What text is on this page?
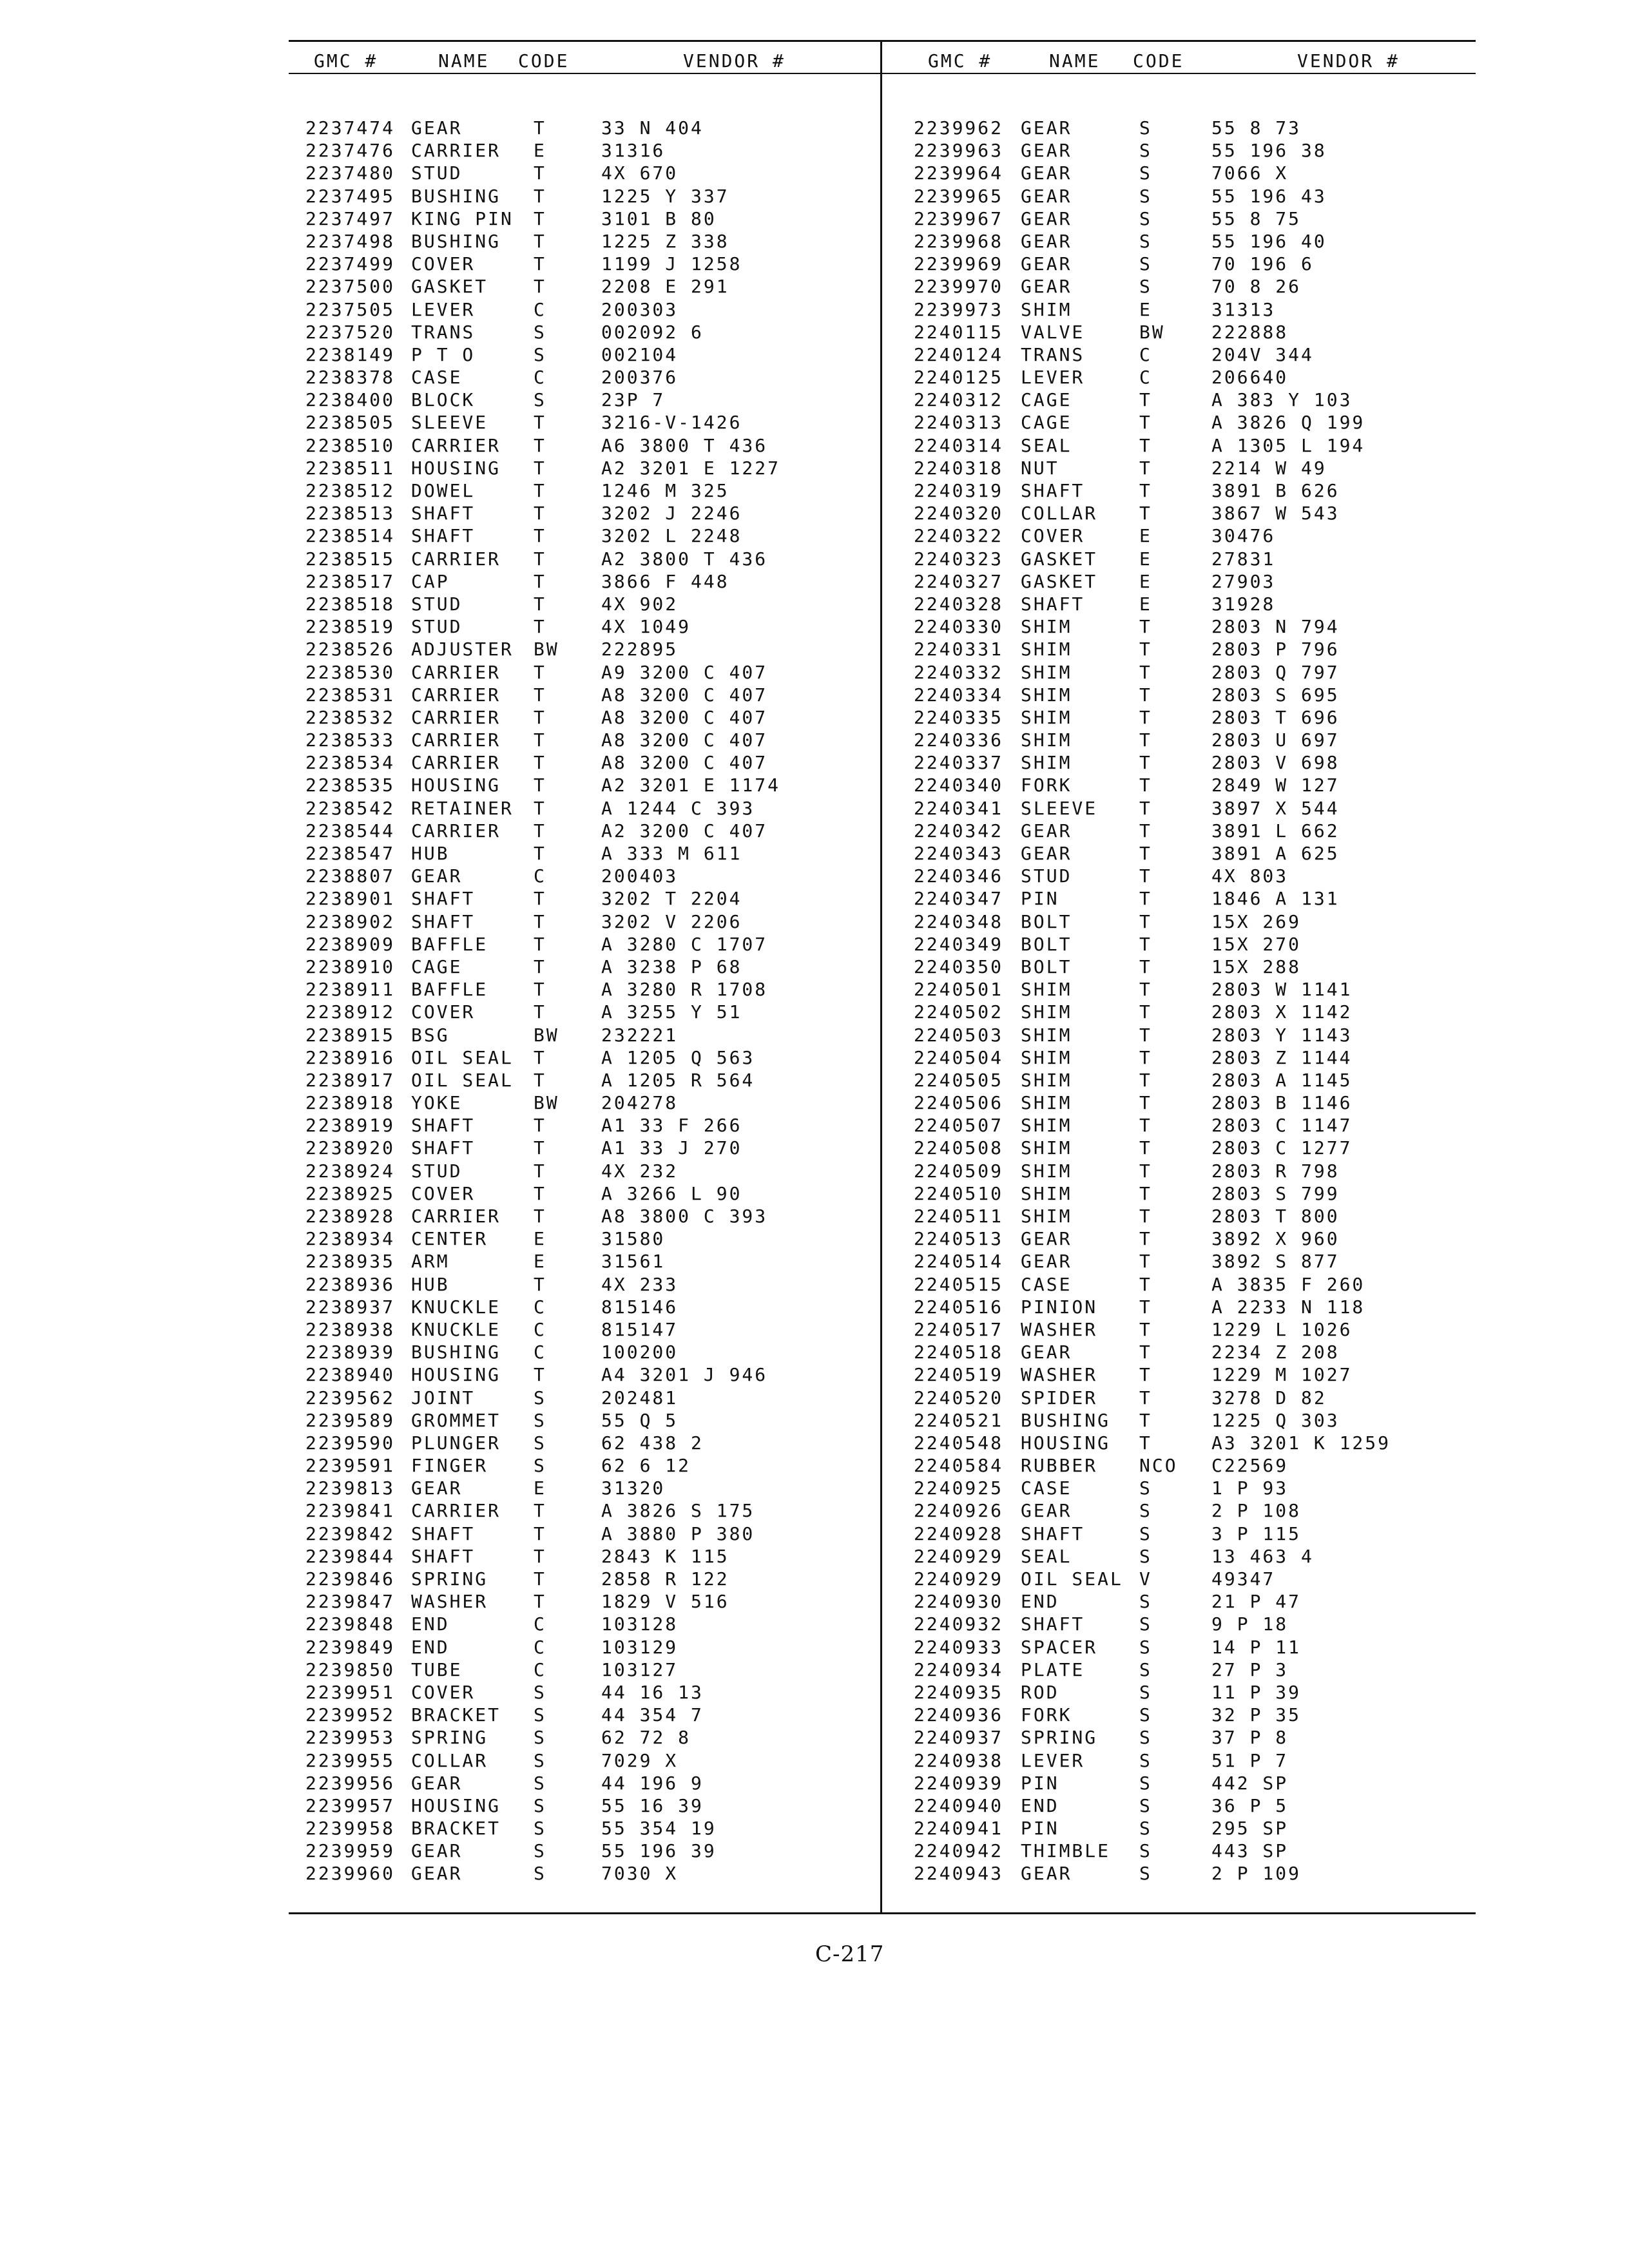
GMC #	NAME CODE	VENDOR #	GMC #	NAME CODE	VENDOR #
2237474 GEAR	T	33 N 404
2237476 CARRIER E	31316
2237480 STUD	T	4X 670
2237495 BUSHING T	1225 Y 337
2237497 KING PIN T	3101 B 80
2237498 BUSHING T	1225 Z 338
2237499 COVER	T	1199 J 1258
2237500 GASKET	T	2208 E 291
2237505 LEVER	C	200303
2237520 TRANS	S	002092 6
2238149 P T O	S	002104
2238378 CASE	C	200376
2238400 BLOCK	S	23P 7
2238505 SLEEVE	T	3216-V-1426
2238510 CARRIER T	A6 3800 T 436
2238511 HOUSING T	A2 3201 E 1227
2238512 DOWEL	T	1246 M 325
2238513 SHAFT	T	3202 J 2246
2238514 SHAFT	T	3202 L 2248
2238515 CARRIER T	A2 3800 T 436
2238517 CAP	T	3866 F 448
2238518 STUD	T	4X 902
2238519 STUD	T	4X 1049
2238526 ADJUSTER BW 222895
2238530 CARRIER T	A9 3200 C 407
2238531 CARRIER T	A8 3200 C 407
2238532 CARRIER T	A8 3200 C 407
2238533 CARRIER T	A8 3200 C 407
2238534 CARRIER T	A8 3200 C 407
2238535 HOUSING T	A2 3201 E 1174
2238542 RETAINER T	A 1244 C 393
2238544 CARRIER T	A2 3200 C 407
2238547 HUB	T	A 333 M 611
2238807 GEAR	C	200403
2238901 SHAFT	T	3202 T 2204
2238902 SHAFT	T	3202 V 2206
2238909 BAFFLE	T	A 3280 C 1707
2238910 CAGE	T	A 3238 P 68
2238911 BAFFLE	T	A 3280 R 1708
2238912 COVER	T	A 3255 Y 51
2238915 BSG	BW 232221
2238916 OIL SEAL T	A 1205 Q 563
2238917 OIL SEAL T	A 1205 R 564
2238918 YOKE	BW 204278
2238919 SHAFT	T	A1 33 F 266
2238920 SHAFT	T	A1 33 J 270
2238924 STUD	T	4X 232
2238925 COVER	T	A 3266 L 90
2238928 CARRIER T	A8 3800 C 393
2238934 CENTER	E	31580
2238935 ARM	E	31561
2238936 HUB	T	4X 233
2238937 KNUCKLE C	815146
2238938 KNUCKLE C	815147
2238939 BUSHING C	100200
2238940 HOUSING T	A4 3201 J 946
2239562 JOINT	S	202481
2239589 GROMMET S	55 Q 5
2239590 PLUNGER S	62 438 2
2239591 FINGER	S	62 6 12
2239813 GEAR	E	31320
2239841 CARRIER T	A 3826 S 175
2239842 SHAFT	T	A 3880 P 380
2239844 SHAFT	T	2843 K 115
2239846 SPRING	T	2858 R 122
2239847 WASHER	T	1829 V 516
2239848 END	C	103128
2239849 END	C	103129
2239850 TUBE	C	103127
2239951 COVER	S	44 16 13
2239952 BRACKET S	44 354 7
2239953 SPRING	S	62 72 8
2239955 COLLAR	S	7029 X
2239956 GEAR	S	44 196 9
2239957 HOUSING S	55 16 39
2239958 BRACKET S	55 354 19
2239959 GEAR	S	55 196 39
2239960 GEAR	S	7030 X
2239962 GEAR	S	55 8 73
2239963 GEAR	S	55 196 38
2239964 GEAR	S	7066 X
2239965 GEAR	S	55 196 43
2239967 GEAR	S	55 8 75
2239968 GEAR	S	55 196 40
2239969 GEAR	S	70 196 6
2239970 GEAR	S	70 8 26
2239973 SHIM	E	31313
2240115 VALVE	BW	222888
2240124 TRANS	C	204V 344
2240125 LEVER	C	206640
2240312 CAGE	T	A 383 Y 103
2240313 CAGE	T	A 3826 Q 199
2240314 SEAL	T	A 1305 L 194
2240318 NUT	T	2214 W 49
2240319 SHAFT	T	3891 B 626
2240320 COLLAR T	3867 W 543
2240322 COVER	E	30476
2240323 GASKET E	27831
2240327 GASKET E	27903
2240328 SHAFT	E	31928
2240330 SHIM	T	2803 N 794
2240331 SHIM	T	2803 P 796
2240332 SHIM	T	2803 Q 797
2240334 SHIM	T	2803 S 695
2240335 SHIM	T	2803 T 696
2240336 SHIM	T	2803 U 697
2240337 SHIM	T	2803 V 698
2240340 FORK	T	2849 W 127
2240341 SLEEVE T	3897 X 544
2240342 GEAR	T	3891 L 662
2240343 GEAR	T	3891 A 625
2240346 STUD	T	4X 803
2240347 PIN	T	1846 A 131
2240348 BOLT	T	15X 269
2240349 BOLT	T	15X 270
2240350 BOLT	T	15X 288
2240501 SHIM	T	2803 W 1141
2240502 SHIM	T	2803 X 1142
2240503 SHIM	T	2803 Y 1143
2240504 SHIM	T	2803 Z 1144
2240505 SHIM	T	2803 A 1145
2240506 SHIM	T	2803 B 1146
2240507 SHIM	T	2803 C 1147
2240508 SHIM	T	2803 C 1277
2240509 SHIM	T	2803 R 798
2240510 SHIM	T	2803 S 799
2240511 SHIM	T	2803 T 800
2240513 GEAR	T	3892 X 960
2240514 GEAR	T	3892 S 877
2240515 CASE	T	A 3835 F 260
2240516 PINION T	A 2233 N 118
2240517 WASHER T	1229 L 1026
2240518 GEAR	T	2234 Z 208
2240519 WASHER T	1229 M 1027
2240520 SPIDER T	3278 D 82
2240521 BUSHING T	1225 Q 303
2240548 HOUSING T	A3 3201 K 1259
2240584 RUBBER NCO C22569
2240925 CASE	S	1 P 93
2240926 GEAR	S	2 P 108
2240928 SHAFT	S	3 P 115
2240929 SEAL	S	13 463 4
2240929 OIL SEAL V	49347
2240930 END	S	21 P 47
2240932 SHAFT	S	9 P 18
2240933 SPACER S	14 P 11
2240934 PLATE	S	27 P 3
2240935 ROD	S	11 P 39
2240936 FORK	S	32 P 35
2240937 SPRING S	37 P 8
2240938 LEVER	S	51 P 7
2240939 PIN	S	442 SP
2240940 END	S	36 P 5
2240941 PIN	S	295 SP
2240942 THIMBLE S	443 SP
2240943 GEAR	S	2 P 109
C-217
